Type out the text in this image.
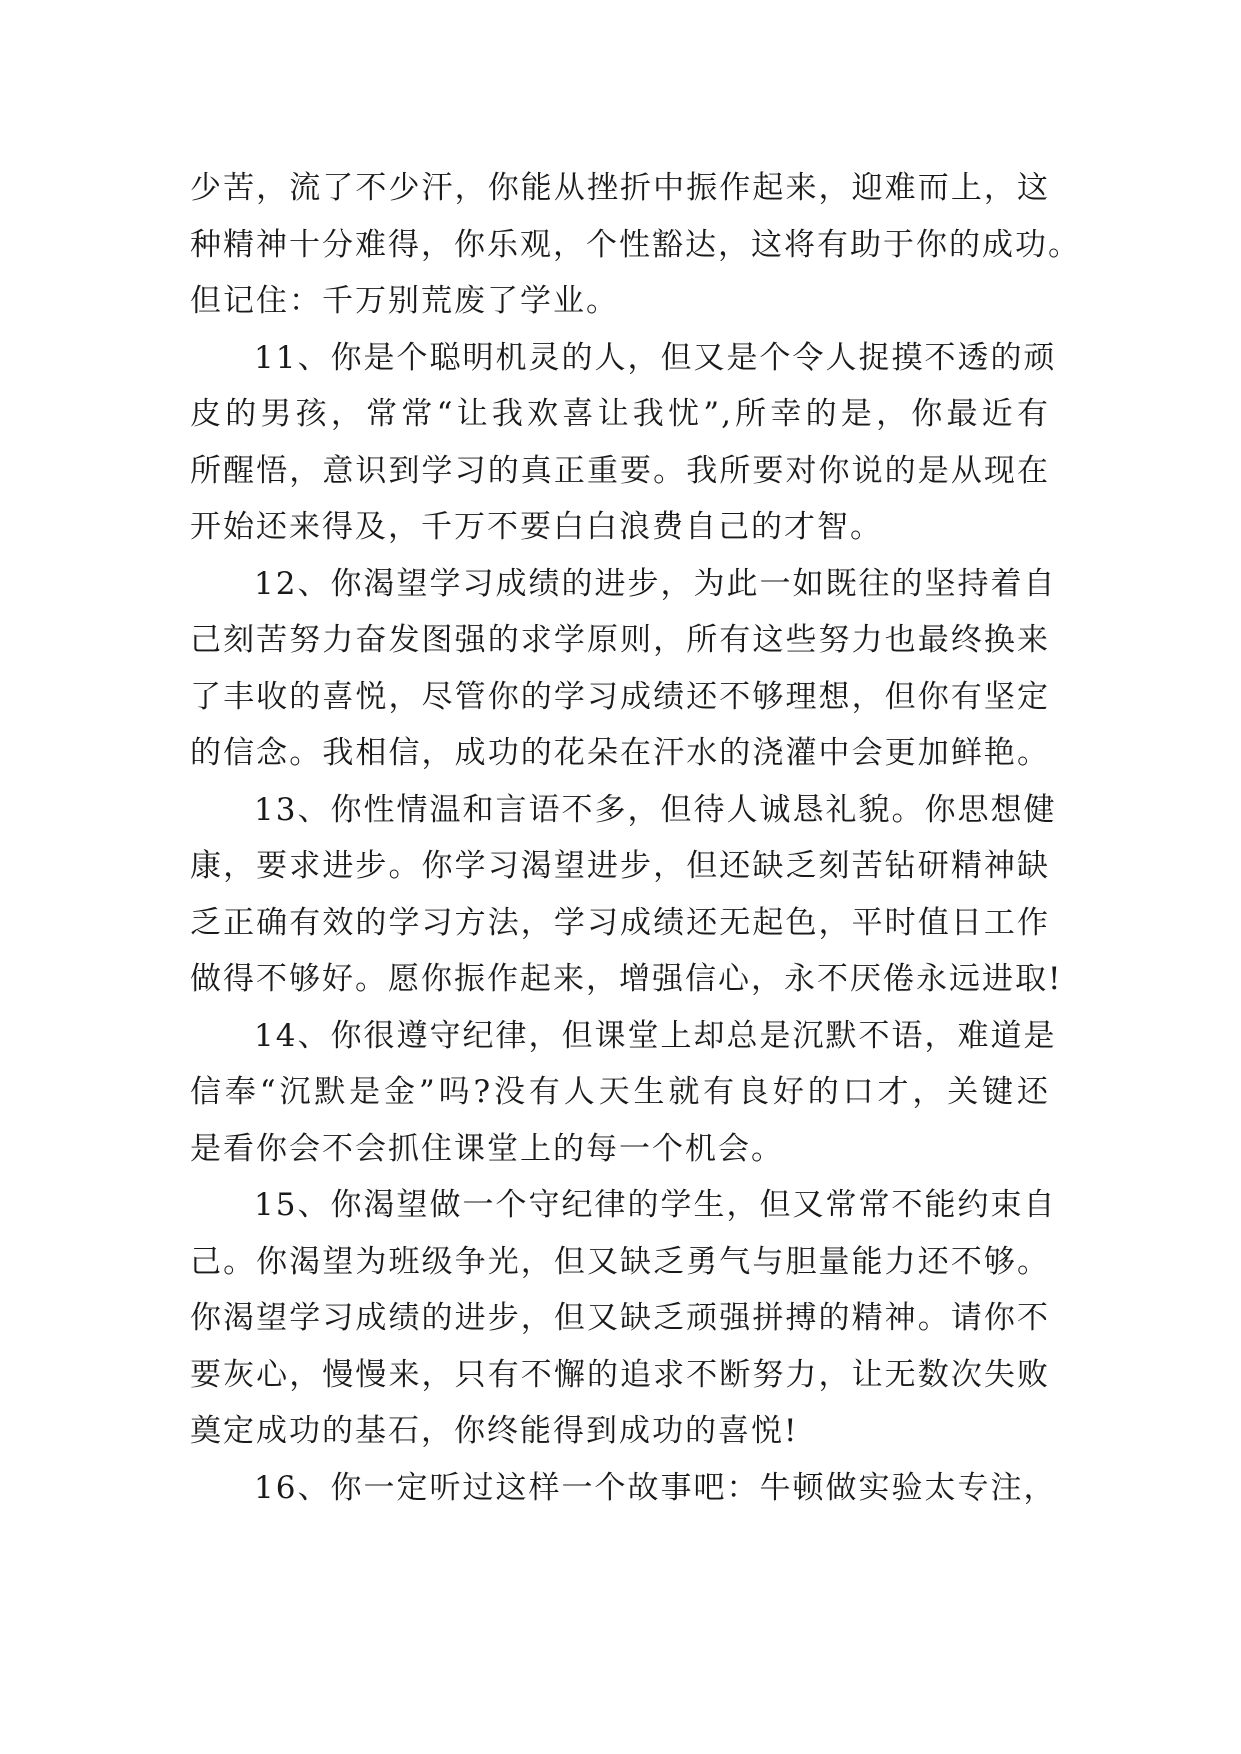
少苦，流了不少汗，你能从挫折中振作起来，迎难而上，这
种精神十分难得，你乐观，个性豁达，这将有助于你的成功。
但记住：千万别荒废了学业。
11、你是个聪明机灵的人，但又是个令人捉摸不透的顽
皮的男孩，常常“让我欢喜让我忧”,所幸的是，你最近有
所醒悟，意识到学习的真正重要。我所要对你说的是从现在
开始还来得及，千万不要白白浪费自己的才智。
12、你渴望学习成绩的进步，为此一如既往的坚持着自
己刻苦努力奋发图强的求学原则，所有这些努力也最终换来
了丰收的喜悦，尽管你的学习成绩还不够理想，但你有坚定
的信念。我相信，成功的花朵在汗水的浇灌中会更加鲜艳。
13、你性情温和言语不多，但待人诚恳礼貌。你思想健
康，要求进步。你学习渴望进步，但还缺乏刻苦钻研精神缺
乏正确有效的学习方法，学习成绩还无起色，平时值日工作
做得不够好。愿你振作起来，增强信心，永不厌倦永远进取!
14、你很遵守纪律，但课堂上却总是沉默不语，难道是
信奉“沉默是金”吗?没有人天生就有良好的口才，关键还
是看你会不会抓住课堂上的每一个机会。
15、你渴望做一个守纪律的学生，但又常常不能约束自
己。你渴望为班级争光，但又缺乏勇气与胆量能力还不够。
你渴望学习成绩的进步，但又缺乏顽强拼搏的精神。请你不
要灰心，慢慢来，只有不懈的追求不断努力，让无数次失败
奠定成功的基石，你终能得到成功的喜悦!
16、你一定听过这样一个故事吧：牛顿做实验太专注，
